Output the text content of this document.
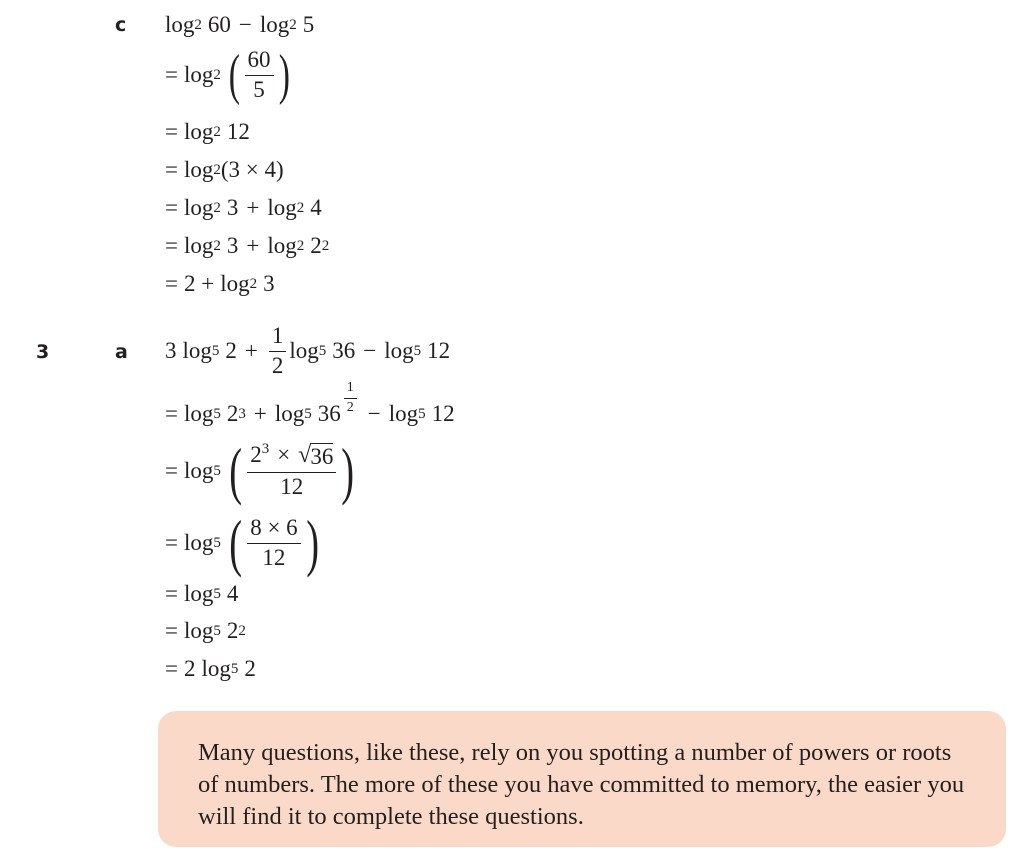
c log 2 60 − log 2 5
= log 2 ( $\frac{60}{5}$ )
= log 2 12
= log 2 (3 × 4)
= log 2 3 + log 2 4
= log 2 3 + log 2 2 2
= 2 + log 2 3
3	a 3 log 5 $2 + \frac{1}{2}$ log 5 36 − log 5 12
= log 5 2 3 + log 5 $36 \frac{1}{2} - \log 5$ 12
= log 5 ( $\frac{2^3 \times √ 36}{12}$ )
= log 5 ( $\frac{8 \times 6}{12}$ )
= log 5 4
= log 5 2 2
= 2 log 5 2
Many questions, like these, rely on you spotting a number of powers or roots of numbers. The more of these you have committed to memory, the easier you will find it to complete these questions.
